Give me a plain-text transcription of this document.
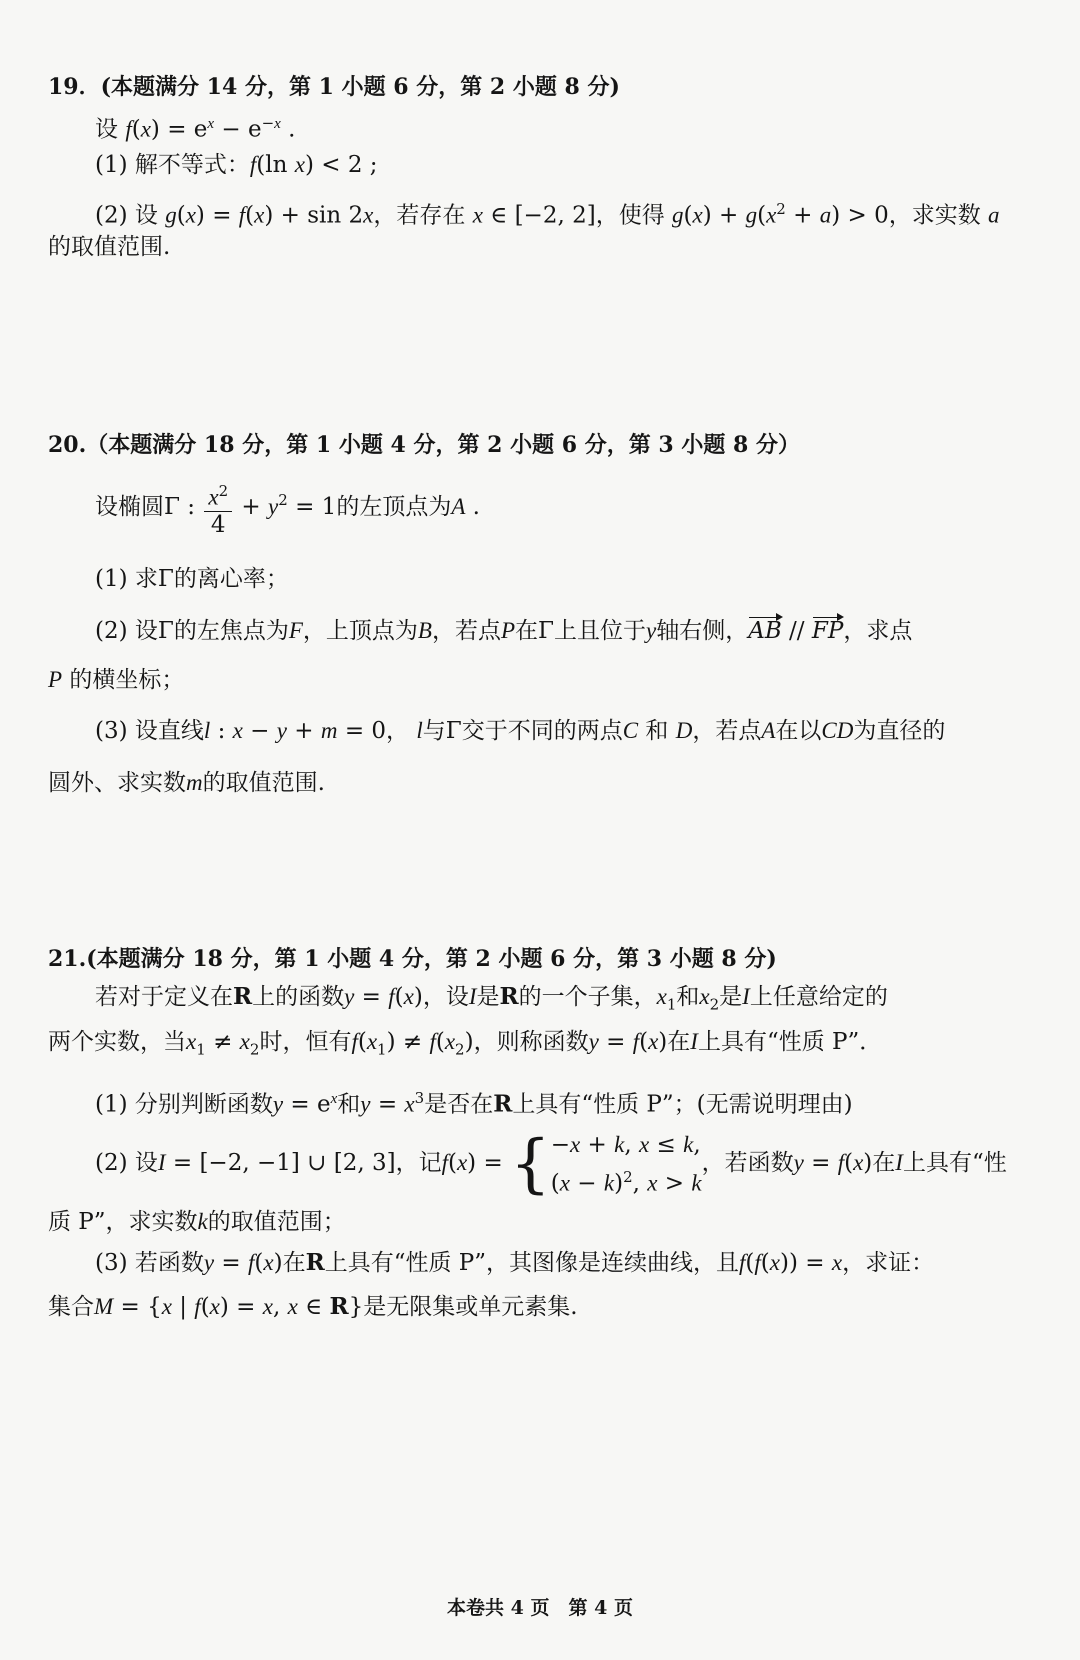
19．(本题满分 14 分，第 1 小题 6 分，第 2 小题 8 分)
设 $f(x) = e^x - e^{-x}$ .
(1) 解不等式：f(ln x) < 2 ;
(2) 设 g(x) = f(x) + sin 2x，若存在 x ∈ [−2, 2]，使得 $g(x) + g(x^2 + a) > 0$，求实数 a
的取值范围.
20.（本题满分 18 分，第 1 小题 4 分，第 2 小题 6 分，第 3 小题 8 分）
设椭圆Γ : $\frac{x^2}{4} + y^2 = 1$的左顶点为A .
(1) 求Γ的离心率；
(2) 设Γ的左焦点为F，上顶点为B，若点P在Γ上且位于y轴右侧，AB // FP，求点
P 的横坐标；
(3) 设直线l : x − y + m = 0， l与Γ交于不同的两点C 和 D，若点A在以CD为直径的
圆外、求实数m的取值范围.
21.(本题满分 18 分，第 1 小题 4 分，第 2 小题 6 分，第 3 小题 8 分)
若对于定义在R上的函数y = f(x)，设I是R的一个子集，$x_1$和$x_2$是I上任意给定的
两个实数，当$x_1 \ne x_2$时，恒有$f(x_1) \ne f(x_2)$，则称函数y = f(x)在I上具有“性质 P”．
(1) 分别判断函数$y = e^x$和$y = x^3$是否在R上具有“性质 P”；(无需说明理由)
(2) 设I = [−2, −1] ∪ [2, 3]，记f(x) = { −x + k, x ≤ k,
$(x - k)^2$, x > k
，若函数y = f(x)在I上具有“性
质 P”，求实数k的取值范围；
(3) 若函数y = f(x)在R上具有“性质 P”，其图像是连续曲线，且f(f(x)) = x，求证：
集合M = {x | f(x) = x, x ∈ R}是无限集或单元素集.
本卷共 4 页　第 4 页
